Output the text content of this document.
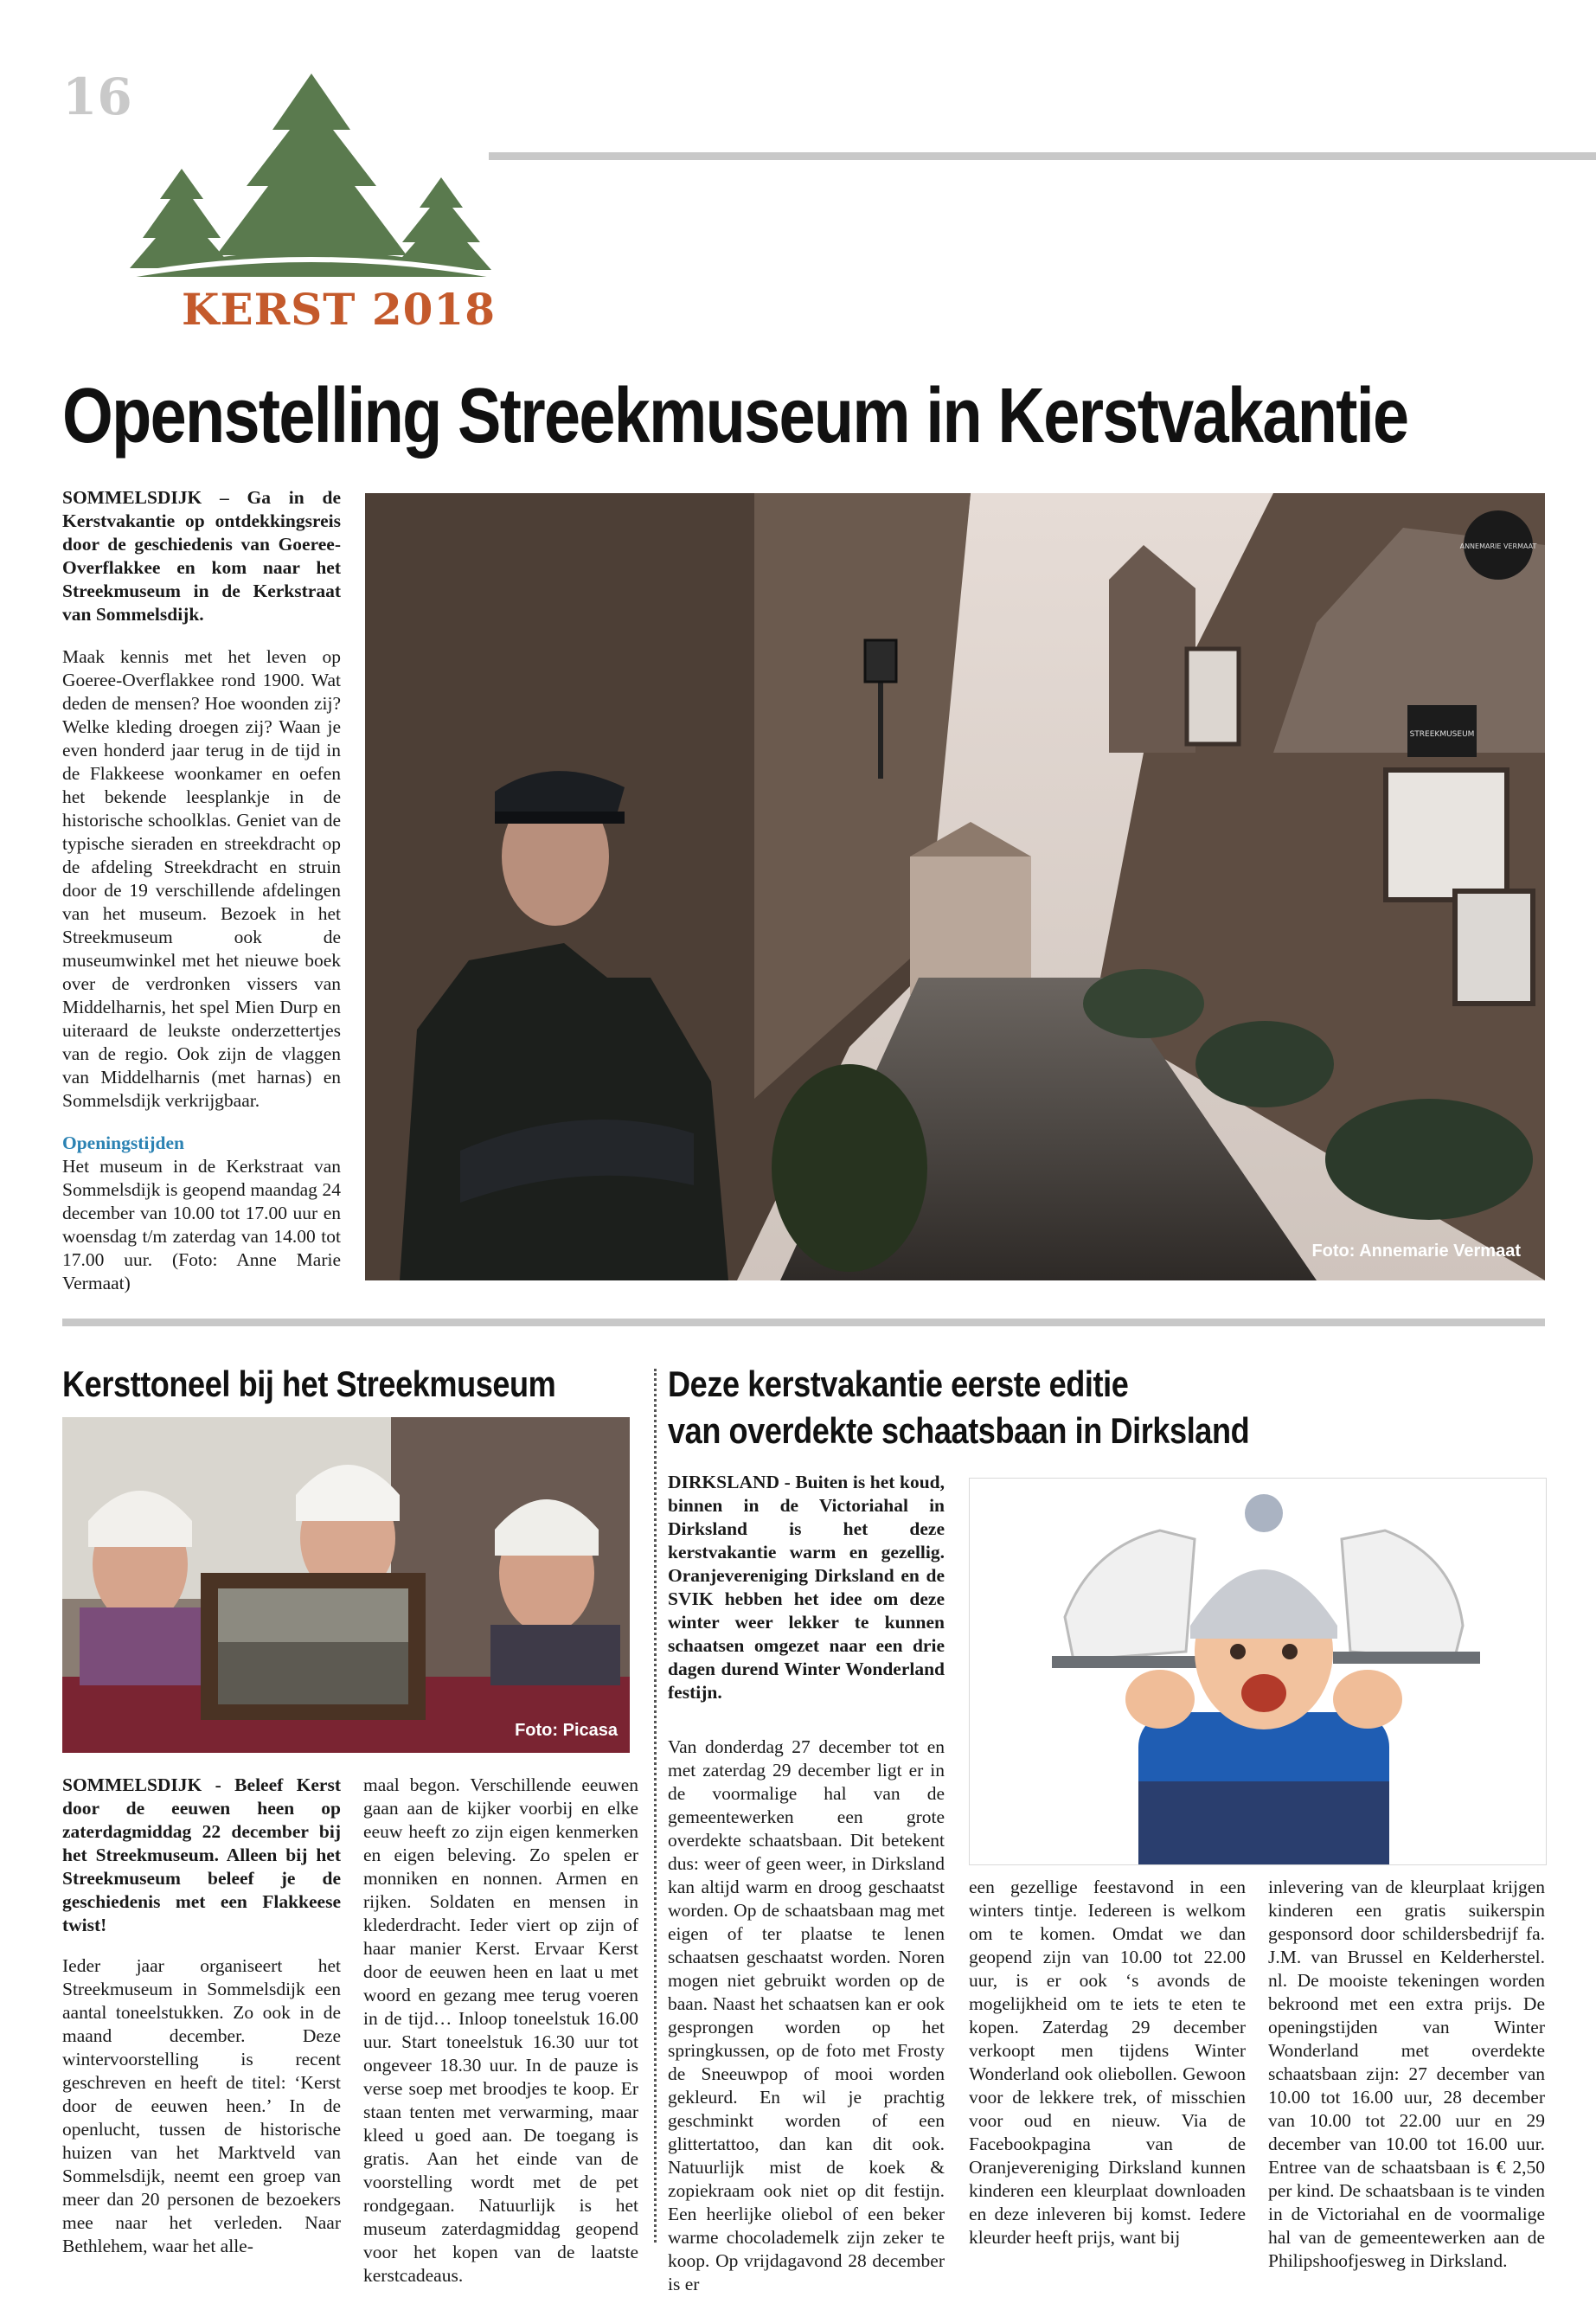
16
KERST 2018
Openstelling Streekmuseum in Kerstvakantie

SOMMELSDIJK – Ga in de Kerstvakantie op ontdekkingsreis door de geschiedenis van Goeree-Overflakkee en kom naar het Streekmuseum in de Kerkstraat van Sommelsdijk.

Maak kennis met het leven op Goeree-Overflakkee rond 1900. Wat deden de mensen? Hoe woonden zij? Welke kleding droegen zij? Waan je even honderd jaar terug in de tijd in de Flakkeese woonkamer en oefen het bekende leesplankje in de historische schoolklas. Geniet van de typische sieraden en streekdracht op de afdeling Streekdracht en struin door de 19 verschillende afdelingen van het museum. Bezoek in het Streekmuseum ook de museumwinkel met het nieuwe boek over de verdronken vissers van Middelharnis, het spel Mien Durp en uiteraard de leukste onderzettertjes van de regio. Ook zijn de vlaggen van Middelharnis (met harnas) en Sommelsdijk verkrijgbaar.

Openingstijden

Het museum in de Kerkstraat van Sommelsdijk is geopend maandag 24 december van 10.00 tot 17.00 uur en woensdag t/m zaterdag van 14.00 tot 17.00 uur. (Foto: Anne Marie Vermaat)

STREEKMUSEUM
ANNEMARIE VERMAAT
Foto: Annemarie Vermaat
Kersttoneel bij het Streekmuseum
Foto: Picasa

SOMMELSDIJK - Beleef Kerst door de eeuwen heen op zaterdagmiddag 22 december bij het Streekmuseum. Alleen bij het Streekmuseum beleef je de geschiedenis met een Flakkeese twist!

Ieder jaar organiseert het Streekmuseum in Sommelsdijk een aantal toneelstukken. Zo ook in de maand december. Deze wintervoorstelling is recent geschreven en heeft de titel: ‘Kerst door de eeuwen heen.’ In de openlucht, tussen de historische huizen van het Marktveld van Sommelsdijk, neemt een groep van meer dan 20 personen de bezoekers mee naar het verleden. Naar Bethlehem, waar het alle-

maal begon. Verschillende eeuwen gaan aan de kijker voorbij en elke eeuw heeft zo zijn eigen kenmerken en eigen beleving. Zo spelen er monniken en nonnen. Armen en rijken. Soldaten en mensen in klederdracht. Ieder viert op zijn of haar manier Kerst. Ervaar Kerst door de eeuwen heen en laat u met woord en gezang mee terug voeren in de tijd… Inloop toneelstuk 16.00 uur. Start toneelstuk 16.30 uur tot ongeveer 18.30 uur. In de pauze is verse soep met broodjes te koop. Er staan tenten met verwarming, maar kleed u goed aan. De toegang is gratis. Aan het einde van de voorstelling wordt met de pet rondgegaan. Natuurlijk is het museum zaterdagmiddag geopend voor het kopen van de laatste kerstcadeaus.

Deze kerstvakantie eerste editie
van overdekte schaatsbaan in Dirksland

DIRKSLAND - Buiten is het koud, binnen in de Victoriahal in Dirksland is het deze kerstvakantie warm en gezellig. Oranjevereniging Dirksland en de SVIK hebben het idee om deze winter weer lekker te kunnen schaatsen omgezet naar een drie dagen durend Winter Wonderland festijn.

Van donderdag 27 december tot en met zaterdag 29 december ligt er in de voormalige hal van de gemeentewerken een grote overdekte schaatsbaan. Dit betekent dus: weer of geen weer, in Dirksland kan altijd warm en droog geschaatst worden. Op de schaatsbaan mag met eigen of ter plaatse te lenen schaatsen geschaatst worden. Noren mogen niet gebruikt worden op de baan. Naast het schaatsen kan er ook gesprongen worden op het springkussen, op de foto met Frosty de Sneeuwpop of mooi worden gekleurd. En wil je prachtig geschminkt worden of een glittertattoo, dan kan dit ook. Natuurlijk mist de koek & zopiekraam ook niet op dit festijn. Een heerlijke oliebol of een beker warme chocolademelk zijn zeker te koop. Op vrijdagavond 28 december is er

een gezellige feestavond in een winters tintje. Iedereen is welkom om te komen. Omdat we dan geopend zijn van 10.00 tot 22.00 uur, is er ook ‘s avonds de mogelijkheid om te iets te eten te kopen. Zaterdag 29 december verkoopt men tijdens Winter Wonderland ook oliebollen. Gewoon voor de lekkere trek, of misschien voor oud en nieuw. Via de Facebookpagina van de Oranjevereniging Dirksland kunnen kinderen een kleurplaat downloaden en deze inleveren bij komst. Iedere kleurder heeft prijs, want bij

inlevering van de kleurplaat krijgen kinderen een gratis suikerspin gesponsord door schildersbedrijf fa. J.M. van Brussel en Kelderherstel. nl. De mooiste tekeningen worden bekroond met een extra prijs. De openingstijden van Winter Wonderland met overdekte schaatsbaan zijn: 27 december van 10.00 tot 16.00 uur, 28 december van 10.00 tot 22.00 uur en 29 december van 10.00 tot 16.00 uur. Entree van de schaatsbaan is € 2,50 per kind. De schaatsbaan is te vinden in de Victoriahal en de voormalige hal van de gemeentewerken aan de Philipshoofjesweg in Dirksland.
